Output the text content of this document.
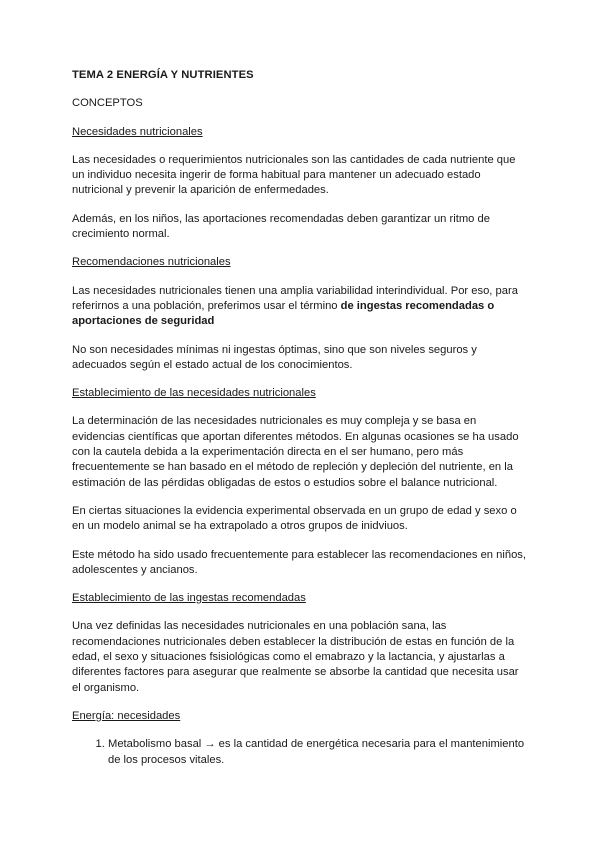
TEMA 2 ENERGÍA Y NUTRIENTES
CONCEPTOS
Necesidades nutricionales

Las necesidades o requerimientos nutricionales son las cantidades de cada nutriente que un individuo necesita ingerir de forma habitual para mantener un adecuado estado nutricional y prevenir la aparición de enfermedades.

Además, en los niños, las aportaciones recomendadas deben garantizar un ritmo de crecimiento normal.

Recomendaciones nutricionales

Las necesidades nutricionales tienen una amplia variabilidad interindividual. Por eso, para referirnos a una población, preferimos usar el término de ingestas recomendadas o aportaciones de seguridad

No son necesidades mínimas ni ingestas óptimas, sino que son niveles seguros y adecuados según el estado actual de los conocimientos.

Establecimiento de las necesidades nutricionales

La determinación de las necesidades nutricionales es muy compleja y se basa en evidencias científicas que aportan diferentes métodos. En algunas ocasiones se ha usado con la cautela debida a la experimentación directa en el ser humano, pero más frecuentemente se han basado en el método de repleción y depleción del nutriente, en la estimación de las pérdidas obligadas de estos o estudios sobre el balance nutricional.

En ciertas situaciones la evidencia experimental observada en un grupo de edad y sexo o en un modelo animal se ha extrapolado a otros grupos de inidviuos.

Este método ha sido usado frecuentemente para establecer las recomendaciones en niños, adolescentes y ancianos.

Establecimiento de las ingestas recomendadas

Una vez definidas las necesidades nutricionales en una población sana, las recomendaciones nutricionales deben establecer la distribución de estas en función de la edad, el sexo y situaciones fsisiológicas como el emabrazo y la lactancia, y ajustarlas a diferentes factores para asegurar que realmente se absorbe la cantidad que necesita usar el organismo.

Energía: necesidades
1. Metabolismo basal → es la cantidad de energética necesaria para el mantenimiento de los procesos vitales.
